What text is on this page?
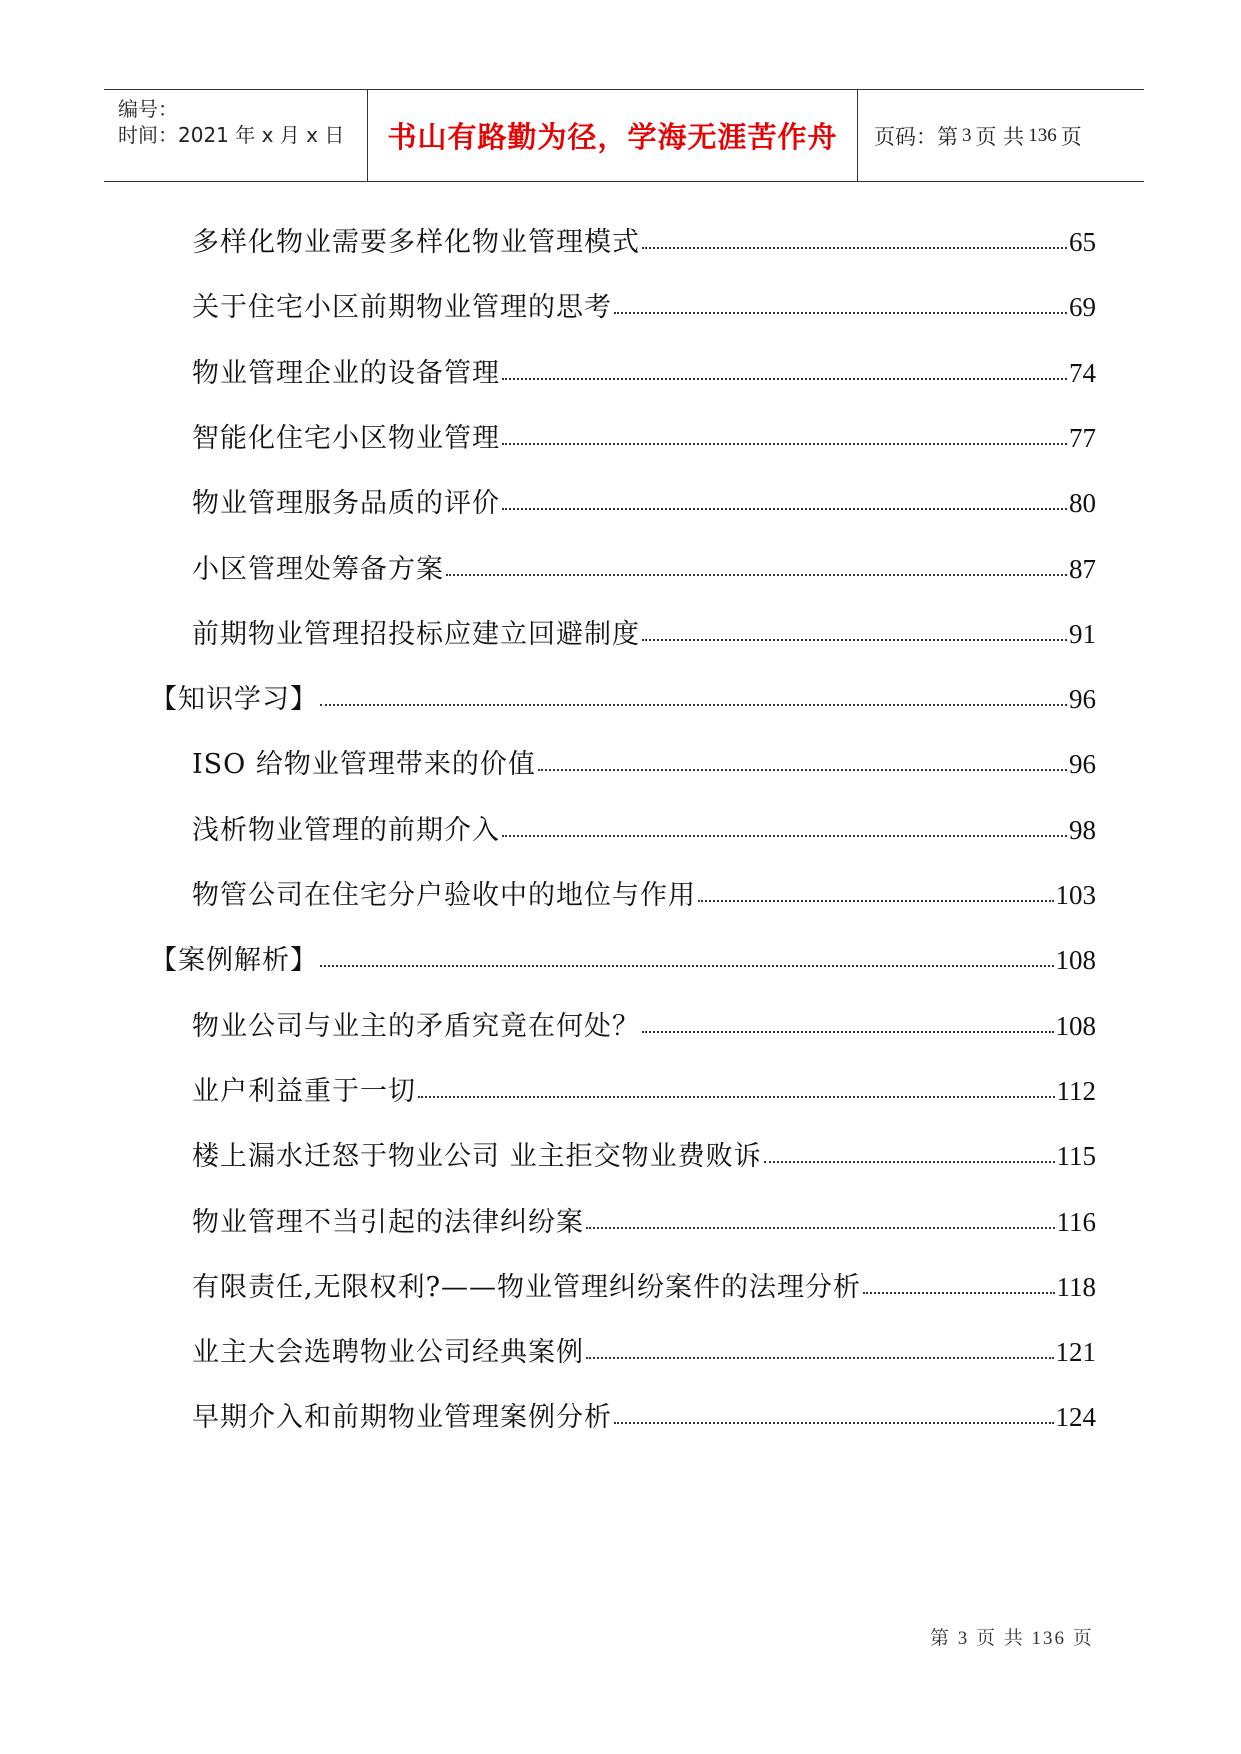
编号：
时间：2021 年 x 月 x 日 书山有路勤为径，学海无涯苦作舟 页码：第 3 页 共 136 页
多样化物业需要多样化物业管理模式	65
关于住宅小区前期物业管理的思考	69
物业管理企业的设备管理	74
智能化住宅小区物业管理	77
物业管理服务品质的评价	80
小区管理处筹备方案	87
前期物业管理招投标应建立回避制度	91
【知识学习】	96
ISO 给物业管理带来的价值	96
浅析物业管理的前期介入	98
物管公司在住宅分户验收中的地位与作用	103
【案例解析】	108
物业公司与业主的矛盾究竟在何处？	108
业户利益重于一切	112
楼上漏水迁怒于物业公司 业主拒交物业费败诉	115
物业管理不当引起的法律纠纷案	116
有限责任,无限权利?——物业管理纠纷案件的法理分析	118
业主大会选聘物业公司经典案例	121
早期介入和前期物业管理案例分析	124
第 3 页 共 136 页
